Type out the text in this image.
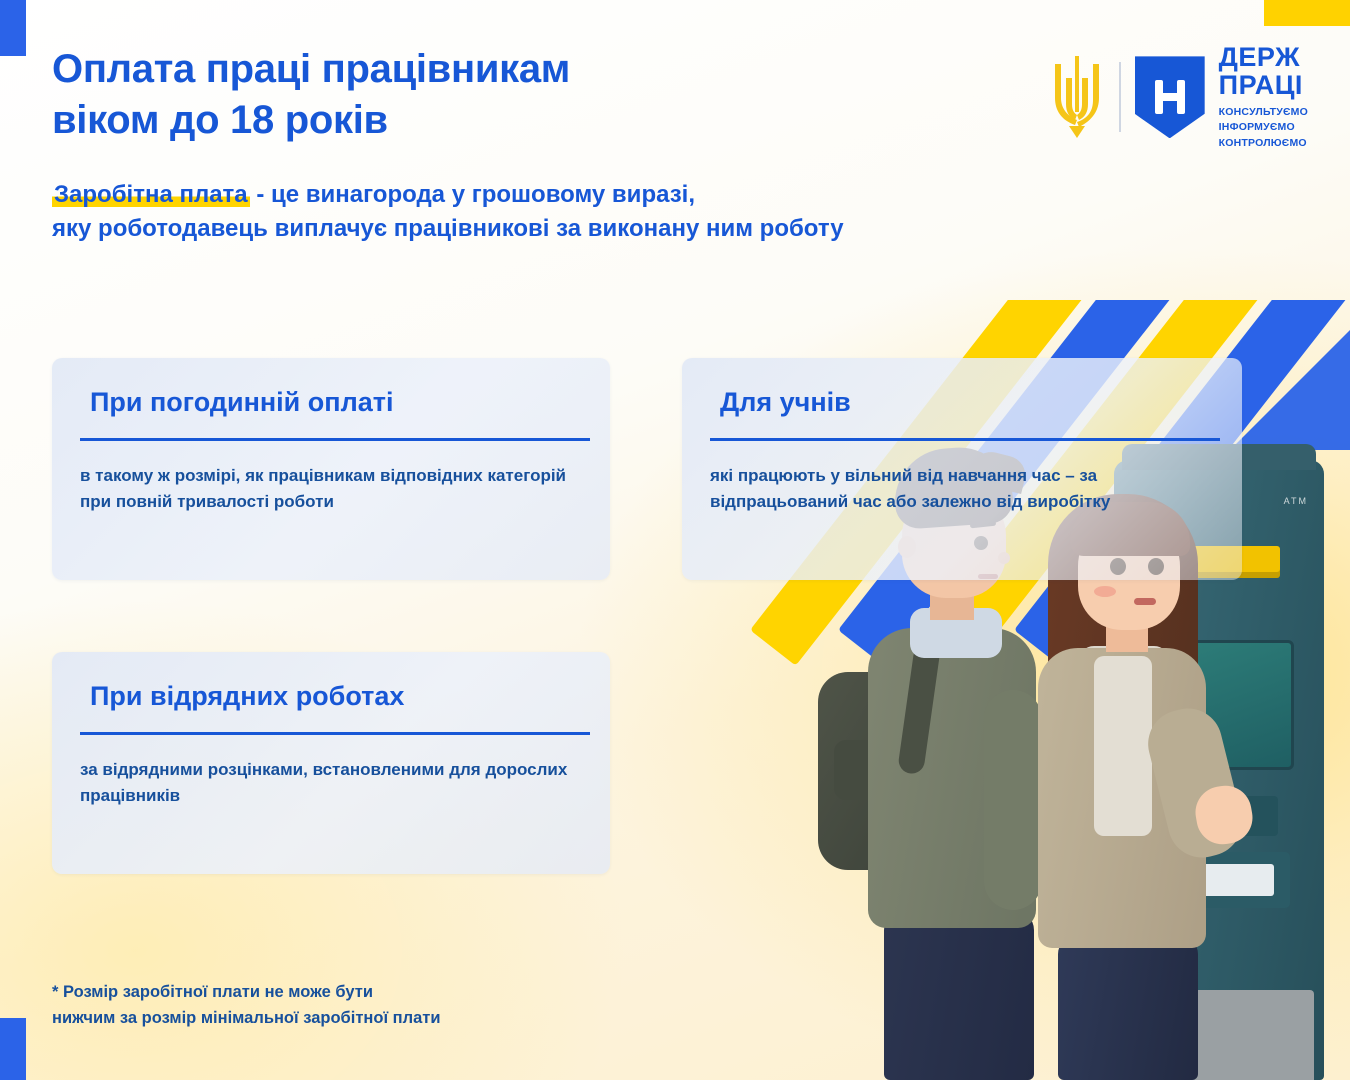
ATM
Оплата праці працівникам
віком до 18 років
Заробітна плата - це винагорода у грошовому виразі,
яку роботодавець виплачує працівникові за виконану ним роботу
ДЕРЖ
ПРАЦІ
КОНСУЛЬТУЄМО
ІНФОРМУЄМО
КОНТРОЛЮЄМО
При погодинній оплаті

в такому ж розмірі, як працівникам відповідних категорій при повній тривалості роботи

Для учнів

які працюють у вільний від навчання час – за відпрацьований час або залежно від виробітку

При відрядних роботах

за відрядними розцінками, встановленими для дорослих працівників

* Розмір заробітної плати не може бути
нижчим за розмір мінімальної заробітної плати
